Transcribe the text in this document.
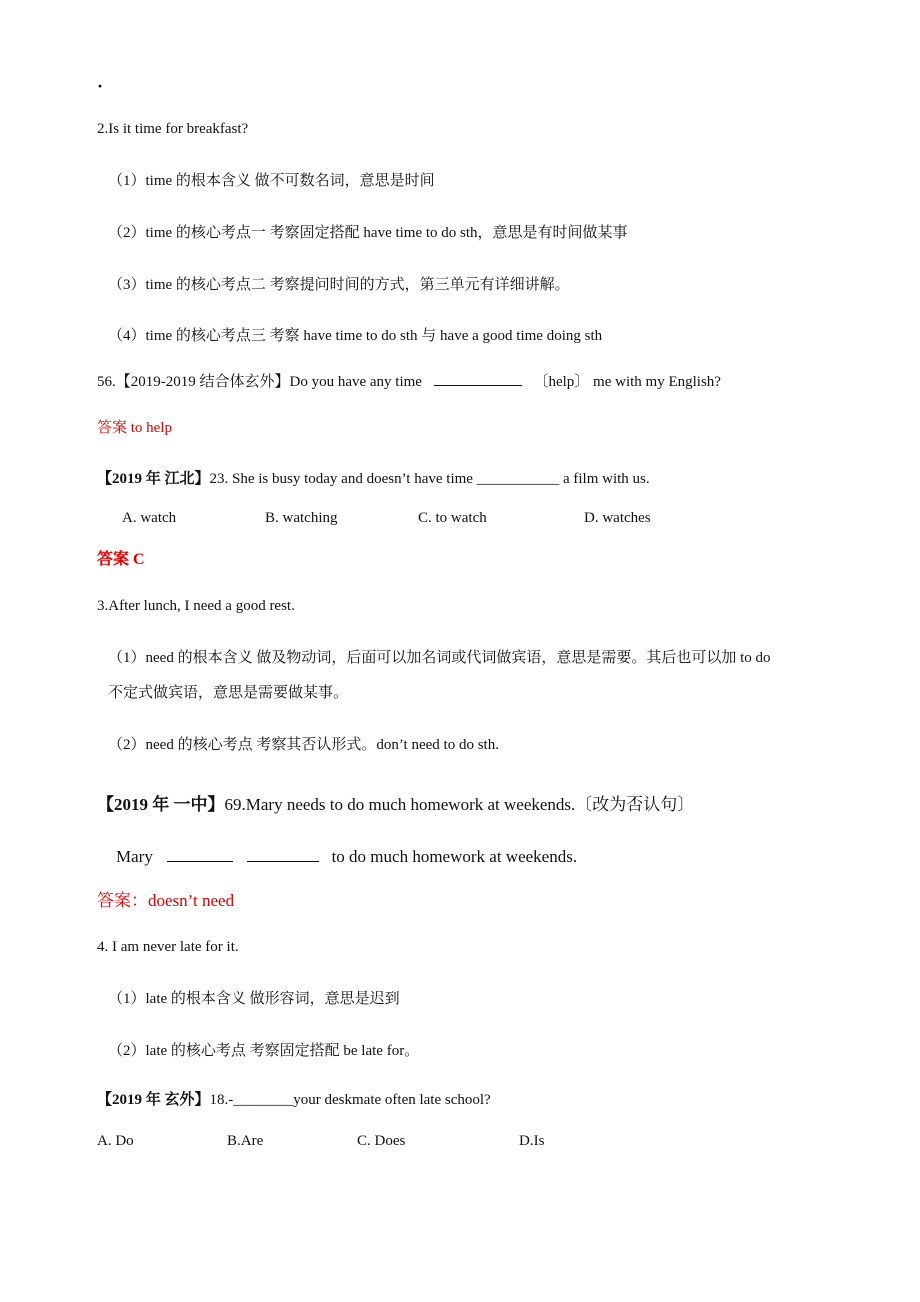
·
2.Is it time for breakfast?
（1）time 的根本含义 做不可数名词，意思是时间
（2）time 的核心考点一 考察固定搭配 have time to do sth，意思是有时间做某事
（3）time 的核心考点二 考察提问时间的方式，第三单元有详细讲解。
（4）time 的核心考点三 考察 have time to do sth 与 have a good time doing sth
56.【2019-2019 结合体玄外】Do you have any time	〔help〕 me with my English?
答案 to help
【2019 年 江北】23. She is busy today and doesn’t have time ___________ a film with us.
A. watch	B. watching	C. to watch	D. watches
答案 C
3.After lunch, I need a good rest.
（1）need 的根本含义 做及物动词，后面可以加名词或代词做宾语，意思是需要。其后也可以加 to do
不定式做宾语，意思是需要做某事。
（2）need 的核心考点 考察其否认形式。don’t need to do sth.
【2019 年 一中】69.Mary needs to do much homework at weekends.〔改为否认句〕
Mary	to do much homework at weekends.
答案：doesn’t need
4. I am never late for it.
（1）late 的根本含义 做形容词，意思是迟到
（2）late 的核心考点 考察固定搭配 be late for。
【2019 年 玄外】18.-________your deskmate often late school?
A. Do	B.Are	C. Does	D.Is
